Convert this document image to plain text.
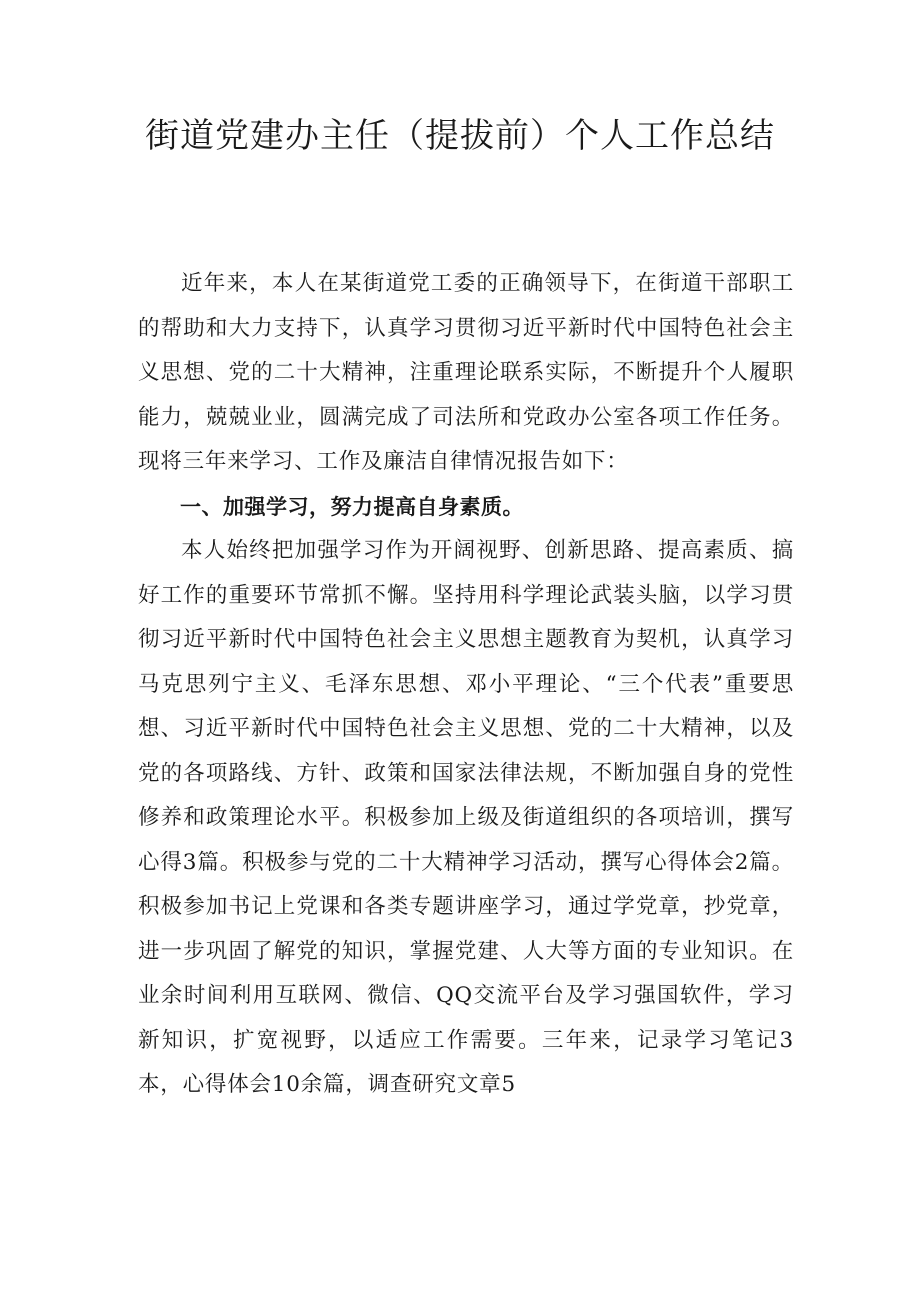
街道党建办主任（提拔前）个人工作总结

近年来，本人在某街道党工委的正确领导下，在街道干部职工的帮助和大力支持下，认真学习贯彻习近平新时代中国特色社会主义思想、党的二十大精神，注重理论联系实际，不断提升个人履职能力，兢兢业业，圆满完成了司法所和党政办公室各项工作任务。现将三年来学习、工作及廉洁自律情况报告如下：

一、加强学习，努力提高自身素质。

本人始终把加强学习作为开阔视野、创新思路、提高素质、搞好工作的重要环节常抓不懈。坚持用科学理论武装头脑，以学习贯彻习近平新时代中国特色社会主义思想主题教育为契机，认真学习马克思列宁主义、毛泽东思想、邓小平理论、“三个代表”重要思想、习近平新时代中国特色社会主义思想、党的二十大精神，以及党的各项路线、方针、政策和国家法律法规，不断加强自身的党性修养和政策理论水平。积极参加上级及街道组织的各项培训，撰写心得3篇。积极参与党的二十大精神学习活动，撰写心得体会2篇。积极参加书记上党课和各类专题讲座学习，通过学党章，抄党章，进一步巩固了解党的知识，掌握党建、人大等方面的专业知识。在业余时间利用互联网、微信、QQ交流平台及学习强国软件，学习新知识，扩宽视野，以适应工作需要。三年来，记录学习笔记3本，心得体会10余篇，调查研究文章5
